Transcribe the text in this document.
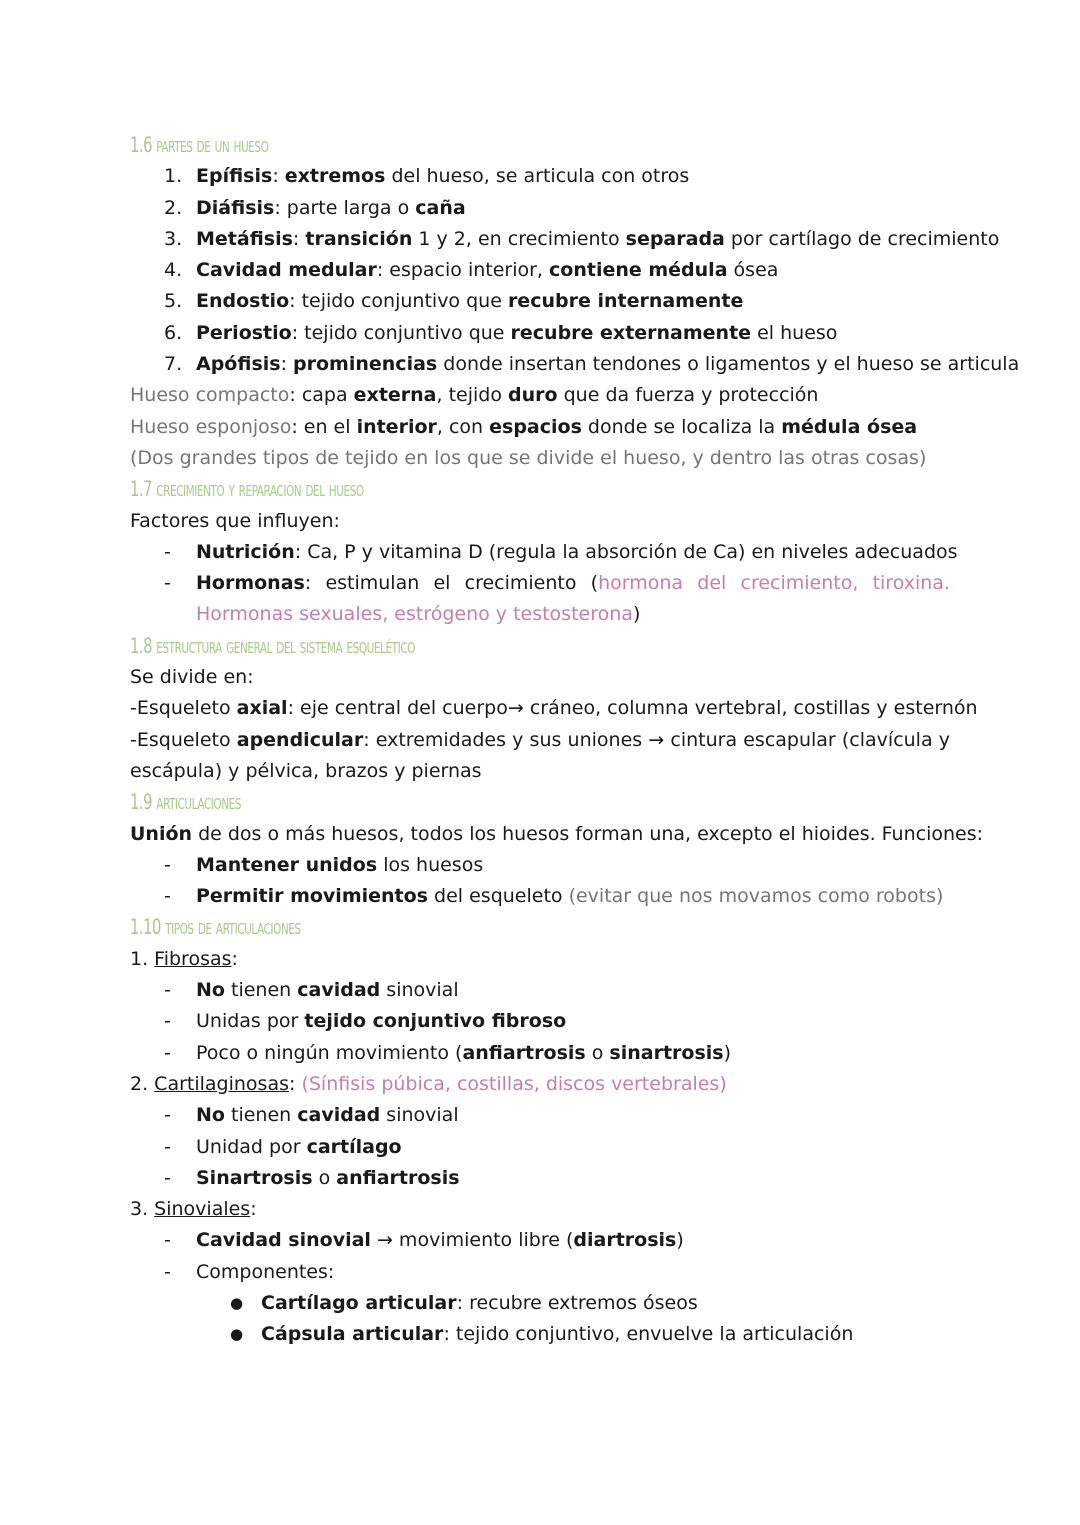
1.6 partes de un hueso
1. Epífisis: extremos del hueso, se articula con otros
2. Diáfisis: parte larga o caña
3. Metáfisis: transición 1 y 2, en crecimiento separada por cartílago de crecimiento
4. Cavidad medular: espacio interior, contiene médula ósea
5. Endostio: tejido conjuntivo que recubre internamente
6. Periostio: tejido conjuntivo que recubre externamente el hueso
7. Apófisis: prominencias donde insertan tendones o ligamentos y el hueso se articula
Hueso compacto: capa externa, tejido duro que da fuerza y protección
Hueso esponjoso: en el interior, con espacios donde se localiza la médula ósea
(Dos grandes tipos de tejido en los que se divide el hueso, y dentro las otras cosas)
1.7 crecimiento y reparación del hueso
Factores que influyen:
- Nutrición: Ca, P y vitamina D (regula la absorción de Ca) en niveles adecuados
- Hormonas: estimulan el crecimiento (hormona del crecimiento, tiroxina. Hormonas sexuales, estrógeno y testosterona)
1.8 estructura general del sistema esquelético
Se divide en:
-Esqueleto axial: eje central del cuerpo→ cráneo, columna vertebral, costillas y esternón
-Esqueleto apendicular: extremidades y sus uniones → cintura escapular (clavícula y escápula) y pélvica, brazos y piernas
1.9 articulaciones
Unión de dos o más huesos, todos los huesos forman una, excepto el hioides. Funciones:
- Mantener unidos los huesos
- Permitir movimientos del esqueleto (evitar que nos movamos como robots)
1.10 tipos de articulaciones
1. Fibrosas:
- No tienen cavidad sinovial
- Unidas por tejido conjuntivo fibroso
- Poco o ningún movimiento (anfiartrosis o sinartrosis)
2. Cartilaginosas: (Sínfisis púbica, costillas, discos vertebrales)
- No tienen cavidad sinovial
- Unidad por cartílago
- Sinartrosis o anfiartrosis
3. Sinoviales:
- Cavidad sinovial → movimiento libre (diartrosis)
- Componentes:
● Cartílago articular: recubre extremos óseos
● Cápsula articular: tejido conjuntivo, envuelve la articulación
